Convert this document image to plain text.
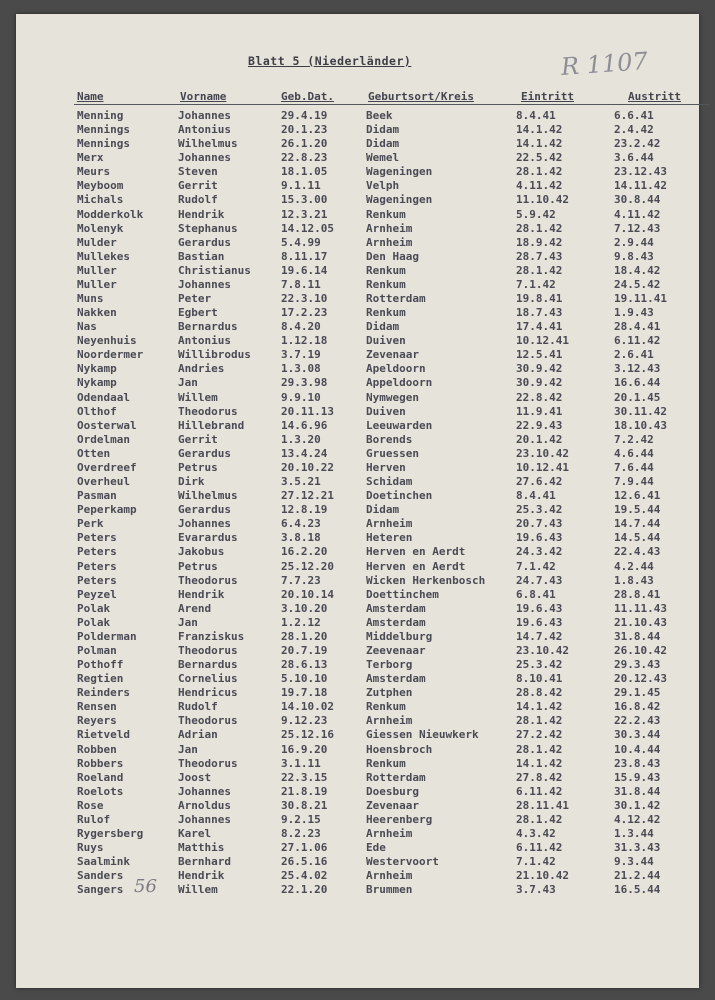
Blatt 5 (Niederländer)	R 1107
Name	Vorname	Geb.Dat.	Geburtsort/Kreis	Eintritt	Austritt
Menning	Johannes	29.4.19	Beek	8.4.41	6.6.41
Mennings	Antonius	20.1.23	Didam	14.1.42	2.4.42
Mennings	Wilhelmus	26.1.20	Didam	14.1.42	23.2.42
Merx	Johannes	22.8.23	Wemel	22.5.42	3.6.44
Meurs	Steven	18.1.05	Wageningen	28.1.42	23.12.43
Meyboom	Gerrit	9.1.11	Velph	4.11.42	14.11.42
Michals	Rudolf	15.3.00	Wageningen	11.10.42	30.8.44
Modderkolk	Hendrik	12.3.21	Renkum	5.9.42	4.11.42
Molenyk	Stephanus	14.12.05	Arnheim	28.1.42	7.12.43
Mulder	Gerardus	5.4.99	Arnheim	18.9.42	2.9.44
Mullekes	Bastian	8.11.17	Den Haag	28.7.43	9.8.43
Muller	Christianus	19.6.14	Renkum	28.1.42	18.4.42
Muller	Johannes	7.8.11	Renkum	7.1.42	24.5.42
Muns	Peter	22.3.10	Rotterdam	19.8.41	19.11.41
Nakken	Egbert	17.2.23	Renkum	18.7.43	1.9.43
Nas	Bernardus	8.4.20	Didam	17.4.41	28.4.41
Neyenhuis	Antonius	1.12.18	Duiven	10.12.41	6.11.42
Noordermer	Willibrodus	3.7.19	Zevenaar	12.5.41	2.6.41
Nykamp	Andries	1.3.08	Apeldoorn	30.9.42	3.12.43
Nykamp	Jan	29.3.98	Appeldoorn	30.9.42	16.6.44
Odendaal	Willem	9.9.10	Nymwegen	22.8.42	20.1.45
Olthof	Theodorus	20.11.13	Duiven	11.9.41	30.11.42
Oosterwal	Hillebrand	14.6.96	Leeuwarden	22.9.43	18.10.43
Ordelman	Gerrit	1.3.20	Borends	20.1.42	7.2.42
Otten	Gerardus	13.4.24	Gruessen	23.10.42	4.6.44
Overdreef	Petrus	20.10.22	Herven	10.12.41	7.6.44
Overheul	Dirk	3.5.21	Schidam	27.6.42	7.9.44
Pasman	Wilhelmus	27.12.21	Doetinchen	8.4.41	12.6.41
Peperkamp	Gerardus	12.8.19	Didam	25.3.42	19.5.44
Perk	Johannes	6.4.23	Arnheim	20.7.43	14.7.44
Peters	Evarardus	3.8.18	Heteren	19.6.43	14.5.44
Peters	Jakobus	16.2.20	Herven en Aerdt	24.3.42	22.4.43
Peters	Petrus	25.12.20	Herven en Aerdt	7.1.42	4.2.44
Peters	Theodorus	7.7.23	Wicken Herkenbosch	24.7.43	1.8.43
Peyzel	Hendrik	20.10.14	Doettinchem	6.8.41	28.8.41
Polak	Arend	3.10.20	Amsterdam	19.6.43	11.11.43
Polak	Jan	1.2.12	Amsterdam	19.6.43	21.10.43
Polderman	Franziskus	28.1.20	Middelburg	14.7.42	31.8.44
Polman	Theodorus	20.7.19	Zeevenaar	23.10.42	26.10.42
Pothoff	Bernardus	28.6.13	Terborg	25.3.42	29.3.43
Regtien	Cornelius	5.10.10	Amsterdam	8.10.41	20.12.43
Reinders	Hendricus	19.7.18	Zutphen	28.8.42	29.1.45
Rensen	Rudolf	14.10.02	Renkum	14.1.42	16.8.42
Reyers	Theodorus	9.12.23	Arnheim	28.1.42	22.2.43
Rietveld	Adrian	25.12.16	Giessen Nieuwkerk	27.2.42	30.3.44
Robben	Jan	16.9.20	Hoensbroch	28.1.42	10.4.44
Robbers	Theodorus	3.1.11	Renkum	14.1.42	23.8.43
Roeland	Joost	22.3.15	Rotterdam	27.8.42	15.9.43
Roelots	Johannes	21.8.19	Doesburg	6.11.42	31.8.44
Rose	Arnoldus	30.8.21	Zevenaar	28.11.41	30.1.42
Rulof	Johannes	9.2.15	Heerenberg	28.1.42	4.12.42
Rygersberg	Karel	8.2.23	Arnheim	4.3.42	1.3.44
Ruys	Matthis	27.1.06	Ede	6.11.42	31.3.43
Saalmink	Bernhard	26.5.16	Westervoort	7.1.42	9.3.44
Sanders	Hendrik	25.4.02	Arnheim	21.10.42	21.2.44
Sangers	Willem	22.1.20	Brummen	3.7.43	16.5.44
56
